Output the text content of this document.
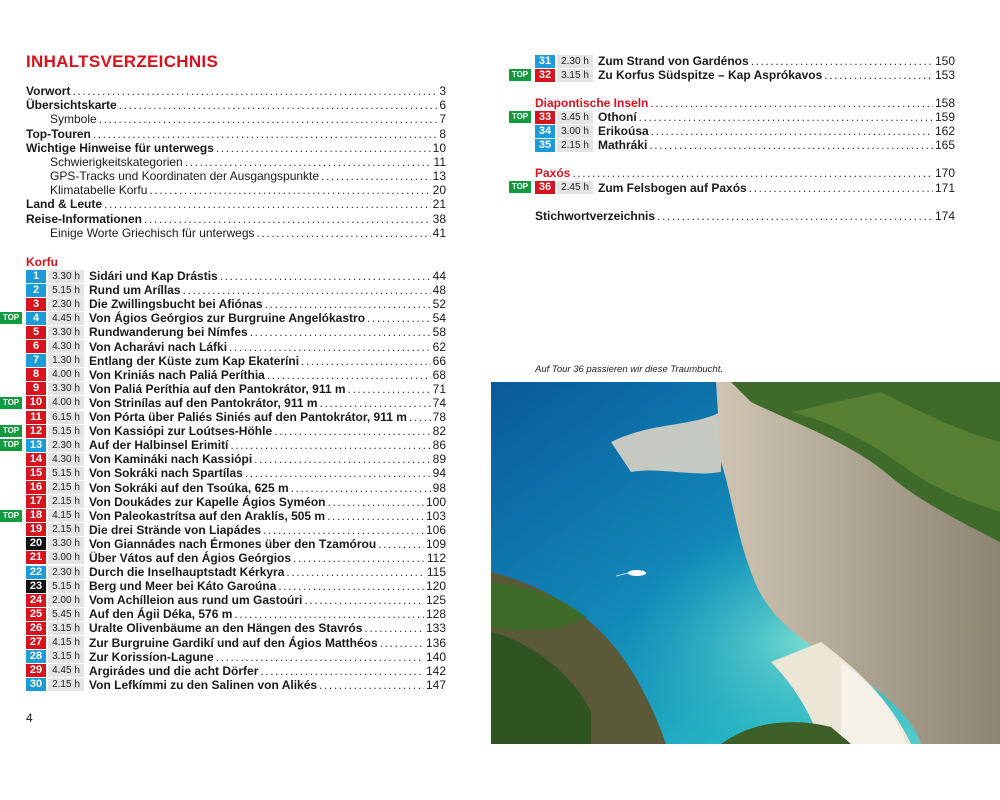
INHALTSVERZEICHNIS
Vorwort .....	3
Übersichtskarte .....	6
Symbole .....	7
Top-Touren .....	8
Wichtige Hinweise für unterwegs .....	10
Schwierigkeitskategorien .....	11
GPS-Tracks und Koordinaten der Ausgangspunkte .....	13
Klimatabelle Korfu .....	20
Land & Leute .....	21
Reise-Informationen .....	38
Einige Worte Griechisch für unterwegs .....	41
Korfu
1	3.30 h Sidári und Kap Drástis .....	44
2	5.15 h Rund um Aríllas .....	48
3	2.30 h Die Zwillingsbucht bei Afiónas .....	52
TOP	4	4.45 h Von Ágios Geórgios zur Burgruine Angelókastro .....	54
5	3.30 h Rundwanderung bei Nímfes .....	58
6	4.30 h Von Acharávi nach Láfki .....	62
7	1.30 h Entlang der Küste zum Kap Ekateríni .....	66
8	4.00 h Von Kriniás nach Paliá Períthia .....	68
9	3.30 h Von Paliá Períthia auf den Pantokrátor, 911 m .....	71
TOP 10 4.00 h Von Strinílas auf den Pantokrátor, 911 m .....	74
11	6.15 h Von Pórta über Paliés Siniés auf den Pantokrátor, 911 m ..... 78
TOP 12 5.15 h Von Kassiópi zur Loútses-Höhle .....	82
TOP 13 2.30 h Auf der Halbinsel Erimití .....	86
14 4.30 h Von Kamináki nach Kassiópi .....	89
15 5.15 h Von Sokráki nach Spartílas .....	94
16 2.15 h Von Sokráki auf den Tsoúka, 625 m .....	98
17 2.15 h Von Doukádes zur Kapelle Ágios Syméon .....	100
TOP 18 4.15 h Von Paleokastrítsa auf den Araklís, 505 m .....	103
19 2.15 h Die drei Strände von Liapádes .....	106
20 3.30 h Von Giannádes nach Érmones über den Tzamórou .....	109
21 3.00 h Über Vátos auf den Ágios Geórgios .....	112
22 2.30 h Durch die Inselhauptstadt Kérkyra .....	115
23 5.15 h Berg und Meer bei Káto Garoúna .....	120
24 2.00 h Vom Achílleion aus rund um Gastoúri .....	125
25 5.45 h Auf den Ágii Déka, 576 m .....	128
26 3.15 h Uralte Olivenbäume an den Hängen des Stavrós .....	133
27 4.15 h Zur Burgruine Gardikí und auf den Ágios Matthéos .....	136
28 3.15 h Zur Korissíon-Lagune .....	140
29 4.45 h Argirádes und die acht Dörfer .....	142
30 2.15 h Von Lefkímmi zu den Salinen von Alikés .....	147
31 2.30 h Zum Strand von Gardénos .....	150
TOP 32 3.15 h Zu Korfus Südspitze – Kap Asprókavos .....	153
Diapontische Inseln .....	158
TOP 33 3.45 h Othoní .....	159
34 3.00 h Erikoúsa .....	162
35 2.15 h Mathráki .....	165
Paxós .....	170
TOP 36 2.45 h Zum Felsbogen auf Paxós .....	171
Stichwortverzeichnis .....	174
4
Auf Tour 36 passieren wir diese Traumbucht.
